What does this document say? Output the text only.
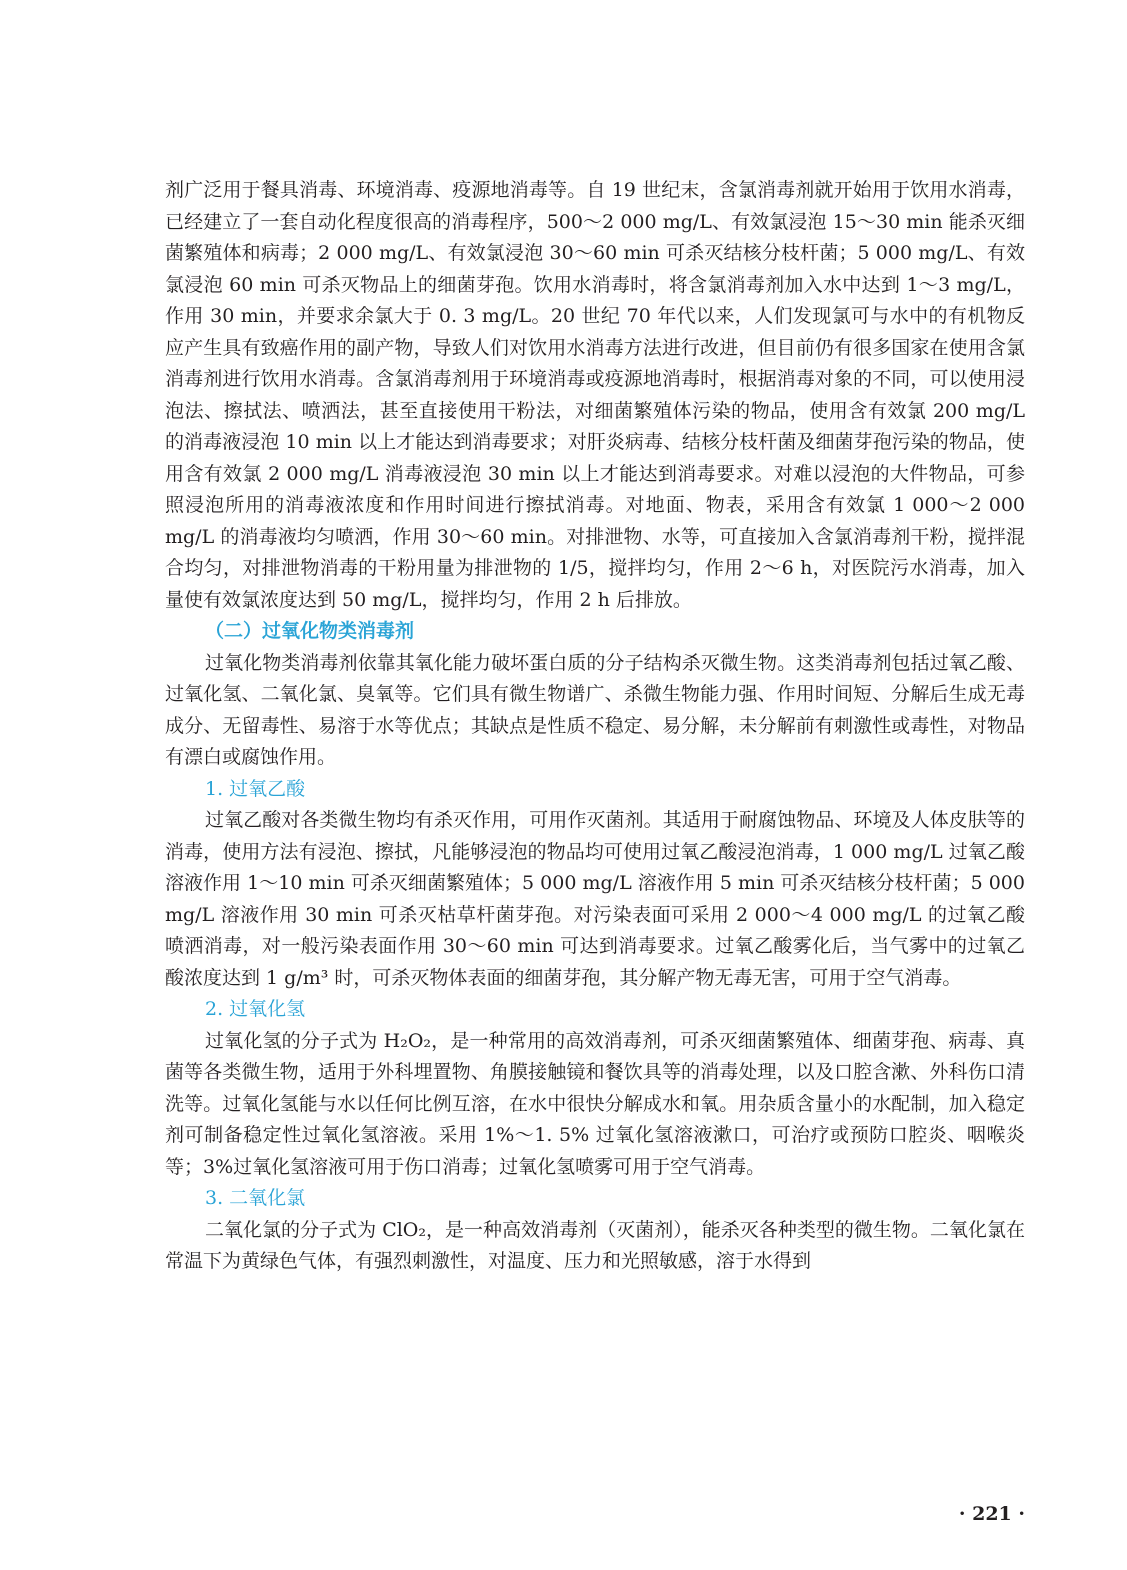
剂广泛用于餐具消毒、环境消毒、疫源地消毒等。自 19 世纪末，含氯消毒剂就开始用于饮用水消毒，已经建立了一套自动化程度很高的消毒程序，500～2 000 mg/L、有效氯浸泡 15～30 min 能杀灭细菌繁殖体和病毒；2 000 mg/L、有效氯浸泡 30～60 min 可杀灭结核分枝杆菌；5 000 mg/L、有效氯浸泡 60 min 可杀灭物品上的细菌芽孢。饮用水消毒时，将含氯消毒剂加入水中达到 1～3 mg/L，作用 30 min，并要求余氯大于 0. 3 mg/L。20 世纪 70 年代以来，人们发现氯可与水中的有机物反应产生具有致癌作用的副产物，导致人们对饮用水消毒方法进行改进，但目前仍有很多国家在使用含氯消毒剂进行饮用水消毒。含氯消毒剂用于环境消毒或疫源地消毒时，根据消毒对象的不同，可以使用浸泡法、擦拭法、喷洒法，甚至直接使用干粉法，对细菌繁殖体污染的物品，使用含有效氯 200 mg/L 的消毒液浸泡 10 min 以上才能达到消毒要求；对肝炎病毒、结核分枝杆菌及细菌芽孢污染的物品，使用含有效氯 2 000 mg/L 消毒液浸泡 30 min 以上才能达到消毒要求。对难以浸泡的大件物品，可参照浸泡所用的消毒液浓度和作用时间进行擦拭消毒。对地面、物表，采用含有效氯 1 000～2 000 mg/L 的消毒液均匀喷洒，作用 30～60 min。对排泄物、水等，可直接加入含氯消毒剂干粉，搅拌混合均匀，对排泄物消毒的干粉用量为排泄物的 1/5，搅拌均匀，作用 2～6 h，对医院污水消毒，加入量使有效氯浓度达到 50 mg/L，搅拌均匀，作用 2 h 后排放。

（二）过氧化物类消毒剂

过氧化物类消毒剂依靠其氧化能力破坏蛋白质的分子结构杀灭微生物。这类消毒剂包括过氧乙酸、过氧化氢、二氧化氯、臭氧等。它们具有微生物谱广、杀微生物能力强、作用时间短、分解后生成无毒成分、无留毒性、易溶于水等优点；其缺点是性质不稳定、易分解，未分解前有刺激性或毒性，对物品有漂白或腐蚀作用。

1. 过氧乙酸

过氧乙酸对各类微生物均有杀灭作用，可用作灭菌剂。其适用于耐腐蚀物品、环境及人体皮肤等的消毒，使用方法有浸泡、擦拭，凡能够浸泡的物品均可使用过氧乙酸浸泡消毒，1 000 mg/L 过氧乙酸溶液作用 1～10 min 可杀灭细菌繁殖体；5 000 mg/L 溶液作用 5 min 可杀灭结核分枝杆菌；5 000 mg/L 溶液作用 30 min 可杀灭枯草杆菌芽孢。对污染表面可采用 2 000～4 000 mg/L 的过氧乙酸喷洒消毒，对一般污染表面作用 30～60 min 可达到消毒要求。过氧乙酸雾化后，当气雾中的过氧乙酸浓度达到 1 g/m³ 时，可杀灭物体表面的细菌芽孢，其分解产物无毒无害，可用于空气消毒。

2. 过氧化氢

过氧化氢的分子式为 H₂O₂，是一种常用的高效消毒剂，可杀灭细菌繁殖体、细菌芽孢、病毒、真菌等各类微生物，适用于外科埋置物、角膜接触镜和餐饮具等的消毒处理，以及口腔含漱、外科伤口清洗等。过氧化氢能与水以任何比例互溶，在水中很快分解成水和氧。用杂质含量小的水配制，加入稳定剂可制备稳定性过氧化氢溶液。采用 1%～1. 5% 过氧化氢溶液漱口，可治疗或预防口腔炎、咽喉炎等；3%过氧化氢溶液可用于伤口消毒；过氧化氢喷雾可用于空气消毒。

3. 二氧化氯

二氧化氯的分子式为 ClO₂，是一种高效消毒剂（灭菌剂），能杀灭各种类型的微生物。二氧化氯在常温下为黄绿色气体，有强烈刺激性，对温度、压力和光照敏感，溶于水得到

· 221 ·
